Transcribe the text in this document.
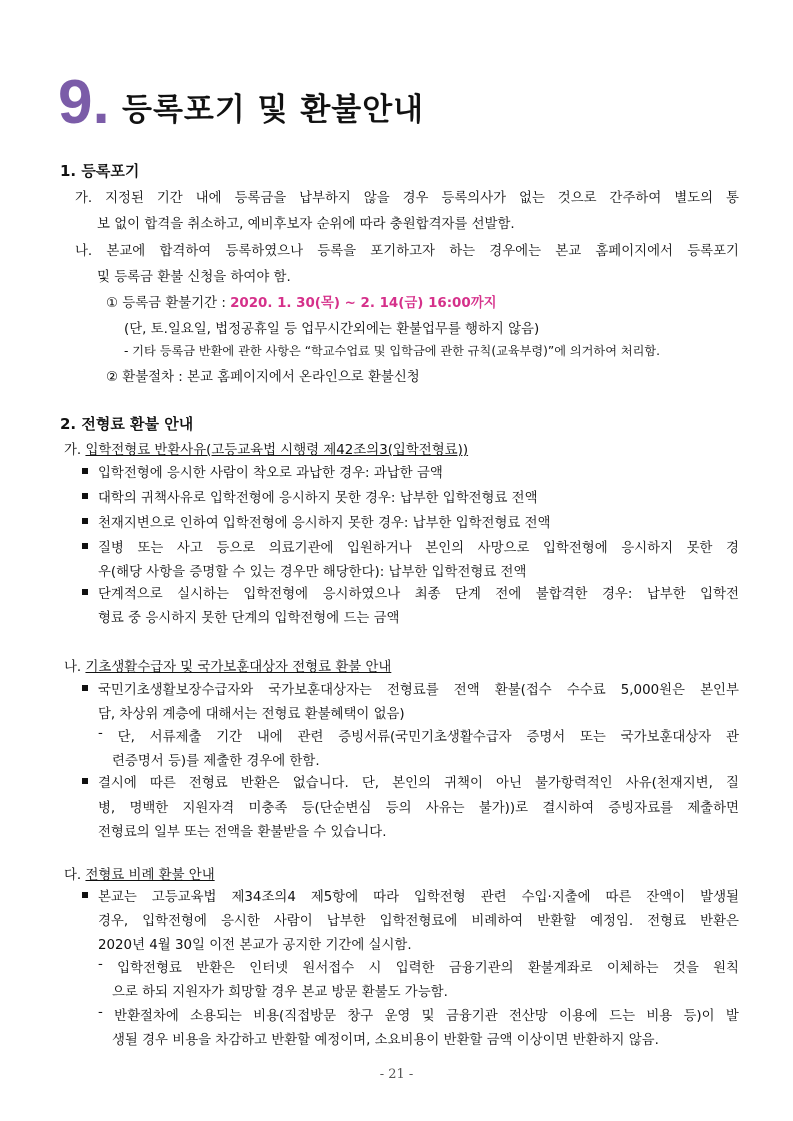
9. 등록포기 및 환불안내
1. 등록포기
가. 지정된 기간 내에 등록금을 납부하지 않을 경우 등록의사가 없는 것으로 간주하여 별도의 통
보 없이 합격을 취소하고, 예비후보자 순위에 따라 충원합격자를 선발함.
나. 본교에 합격하여 등록하였으나 등록을 포기하고자 하는 경우에는 본교 홈페이지에서 등록포기
및 등록금 환불 신청을 하여야 함.
① 등록금 환불기간 : 2020. 1. 30(목) ~ 2. 14(금) 16:00까지
(단, 토.일요일, 법정공휴일 등 업무시간외에는 환불업무를 행하지 않음)
- 기타 등록금 반환에 관한 사항은 “학교수업료 및 입학금에 관한 규칙(교육부령)”에 의거하여 처리함.
② 환불절차 : 본교 홈페이지에서 온라인으로 환불신청
2. 전형료 환불 안내
가. 입학전형료 반환사유(고등교육법 시행령 제42조의3(입학전형료))
입학전형에 응시한 사람이 착오로 과납한 경우: 과납한 금액
대학의 귀책사유로 입학전형에 응시하지 못한 경우: 납부한 입학전형료 전액
천재지변으로 인하여 입학전형에 응시하지 못한 경우: 납부한 입학전형료 전액
질병 또는 사고 등으로 의료기관에 입원하거나 본인의 사망으로 입학전형에 응시하지 못한 경
우(해당 사항을 증명할 수 있는 경우만 해당한다): 납부한 입학전형료 전액
단계적으로 실시하는 입학전형에 응시하였으나 최종 단계 전에 불합격한 경우: 납부한 입학전
형료 중 응시하지 못한 단계의 입학전형에 드는 금액
나. 기초생활수급자 및 국가보훈대상자 전형료 환불 안내
국민기초생활보장수급자와 국가보훈대상자는 전형료를 전액 환불(접수 수수료 5,000원은 본인부
담, 차상위 계층에 대해서는 전형료 환불혜택이 없음)
- 단, 서류제출 기간 내에 관련 증빙서류(국민기초생활수급자 증명서 또는 국가보훈대상자 관
련증명서 등)를 제출한 경우에 한함.
결시에 따른 전형료 반환은 없습니다. 단, 본인의 귀책이 아닌 불가항력적인 사유(천재지변, 질
병, 명백한 지원자격 미충족 등(단순변심 등의 사유는 불가))로 결시하여 증빙자료를 제출하면
전형료의 일부 또는 전액을 환불받을 수 있습니다.
다. 전형료 비례 환불 안내
본교는 고등교육법 제34조의4 제5항에 따라 입학전형 관련 수입·지출에 따른 잔액이 발생될
경우, 입학전형에 응시한 사람이 납부한 입학전형료에 비례하여 반환할 예정임. 전형료 반환은
2020년 4월 30일 이전 본교가 공지한 기간에 실시함.
- 입학전형료 반환은 인터넷 원서접수 시 입력한 금융기관의 환불계좌로 이체하는 것을 원칙
으로 하되 지원자가 희망할 경우 본교 방문 환불도 가능함.
- 반환절차에 소용되는 비용(직접방문 창구 운영 및 금융기관 전산망 이용에 드는 비용 등)이 발
생될 경우 비용을 차감하고 반환할 예정이며, 소요비용이 반환할 금액 이상이면 반환하지 않음.
- 21 -
